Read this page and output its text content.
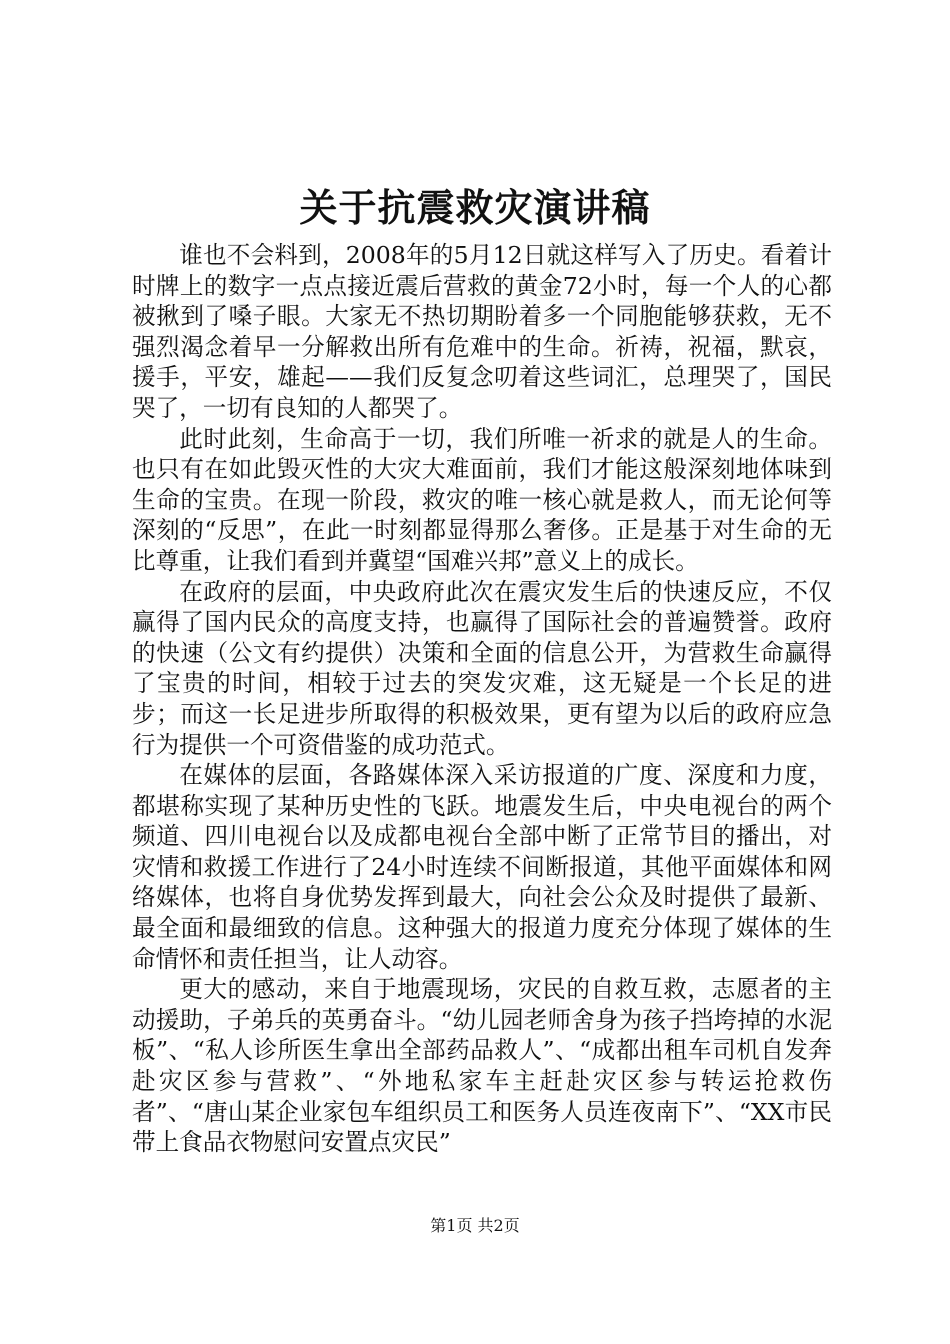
关于抗震救灾演讲稿

谁也不会料到，2008年的5月12日就这样写入了历史。看着计时牌上的数字一点点接近震后营救的黄金72小时，每一个人的心都被揪到了嗓子眼。大家无不热切期盼着多一个同胞能够获救，无不强烈渴念着早一分解救出所有危难中的生命。祈祷，祝福，默哀，援手，平安，雄起——我们反复念叨着这些词汇，总理哭了，国民哭了，一切有良知的人都哭了。

此时此刻，生命高于一切，我们所唯一祈求的就是人的生命。也只有在如此毁灭性的大灾大难面前，我们才能这般深刻地体味到生命的宝贵。在现一阶段，救灾的唯一核心就是救人，而无论何等深刻的“反思”，在此一时刻都显得那么奢侈。正是基于对生命的无比尊重，让我们看到并冀望“国难兴邦”意义上的成长。

在政府的层面，中央政府此次在震灾发生后的快速反应，不仅赢得了国内民众的高度支持，也赢得了国际社会的普遍赞誉。政府的快速（公文有约提供）决策和全面的信息公开，为营救生命赢得了宝贵的时间，相较于过去的突发灾难，这无疑是一个长足的进步；而这一长足进步所取得的积极效果，更有望为以后的政府应急行为提供一个可资借鉴的成功范式。

在媒体的层面，各路媒体深入采访报道的广度、深度和力度，都堪称实现了某种历史性的飞跃。地震发生后，中央电视台的两个频道、四川电视台以及成都电视台全部中断了正常节目的播出，对灾情和救援工作进行了24小时连续不间断报道，其他平面媒体和网络媒体，也将自身优势发挥到最大，向社会公众及时提供了最新、最全面和最细致的信息。这种强大的报道力度充分体现了媒体的生命情怀和责任担当，让人动容。

更大的感动，来自于地震现场，灾民的自救互救，志愿者的主动援助，子弟兵的英勇奋斗。“幼儿园老师舍身为孩子挡垮掉的水泥板”、“私人诊所医生拿出全部药品救人”、“成都出租车司机自发奔赴灾区参与营救”、“外地私家车主赶赴灾区参与转运抢救伤者”、“唐山某企业家包车组织员工和医务人员连夜南下”、“XX市民带上食品衣物慰问安置点灾民”

第1页 共2页
